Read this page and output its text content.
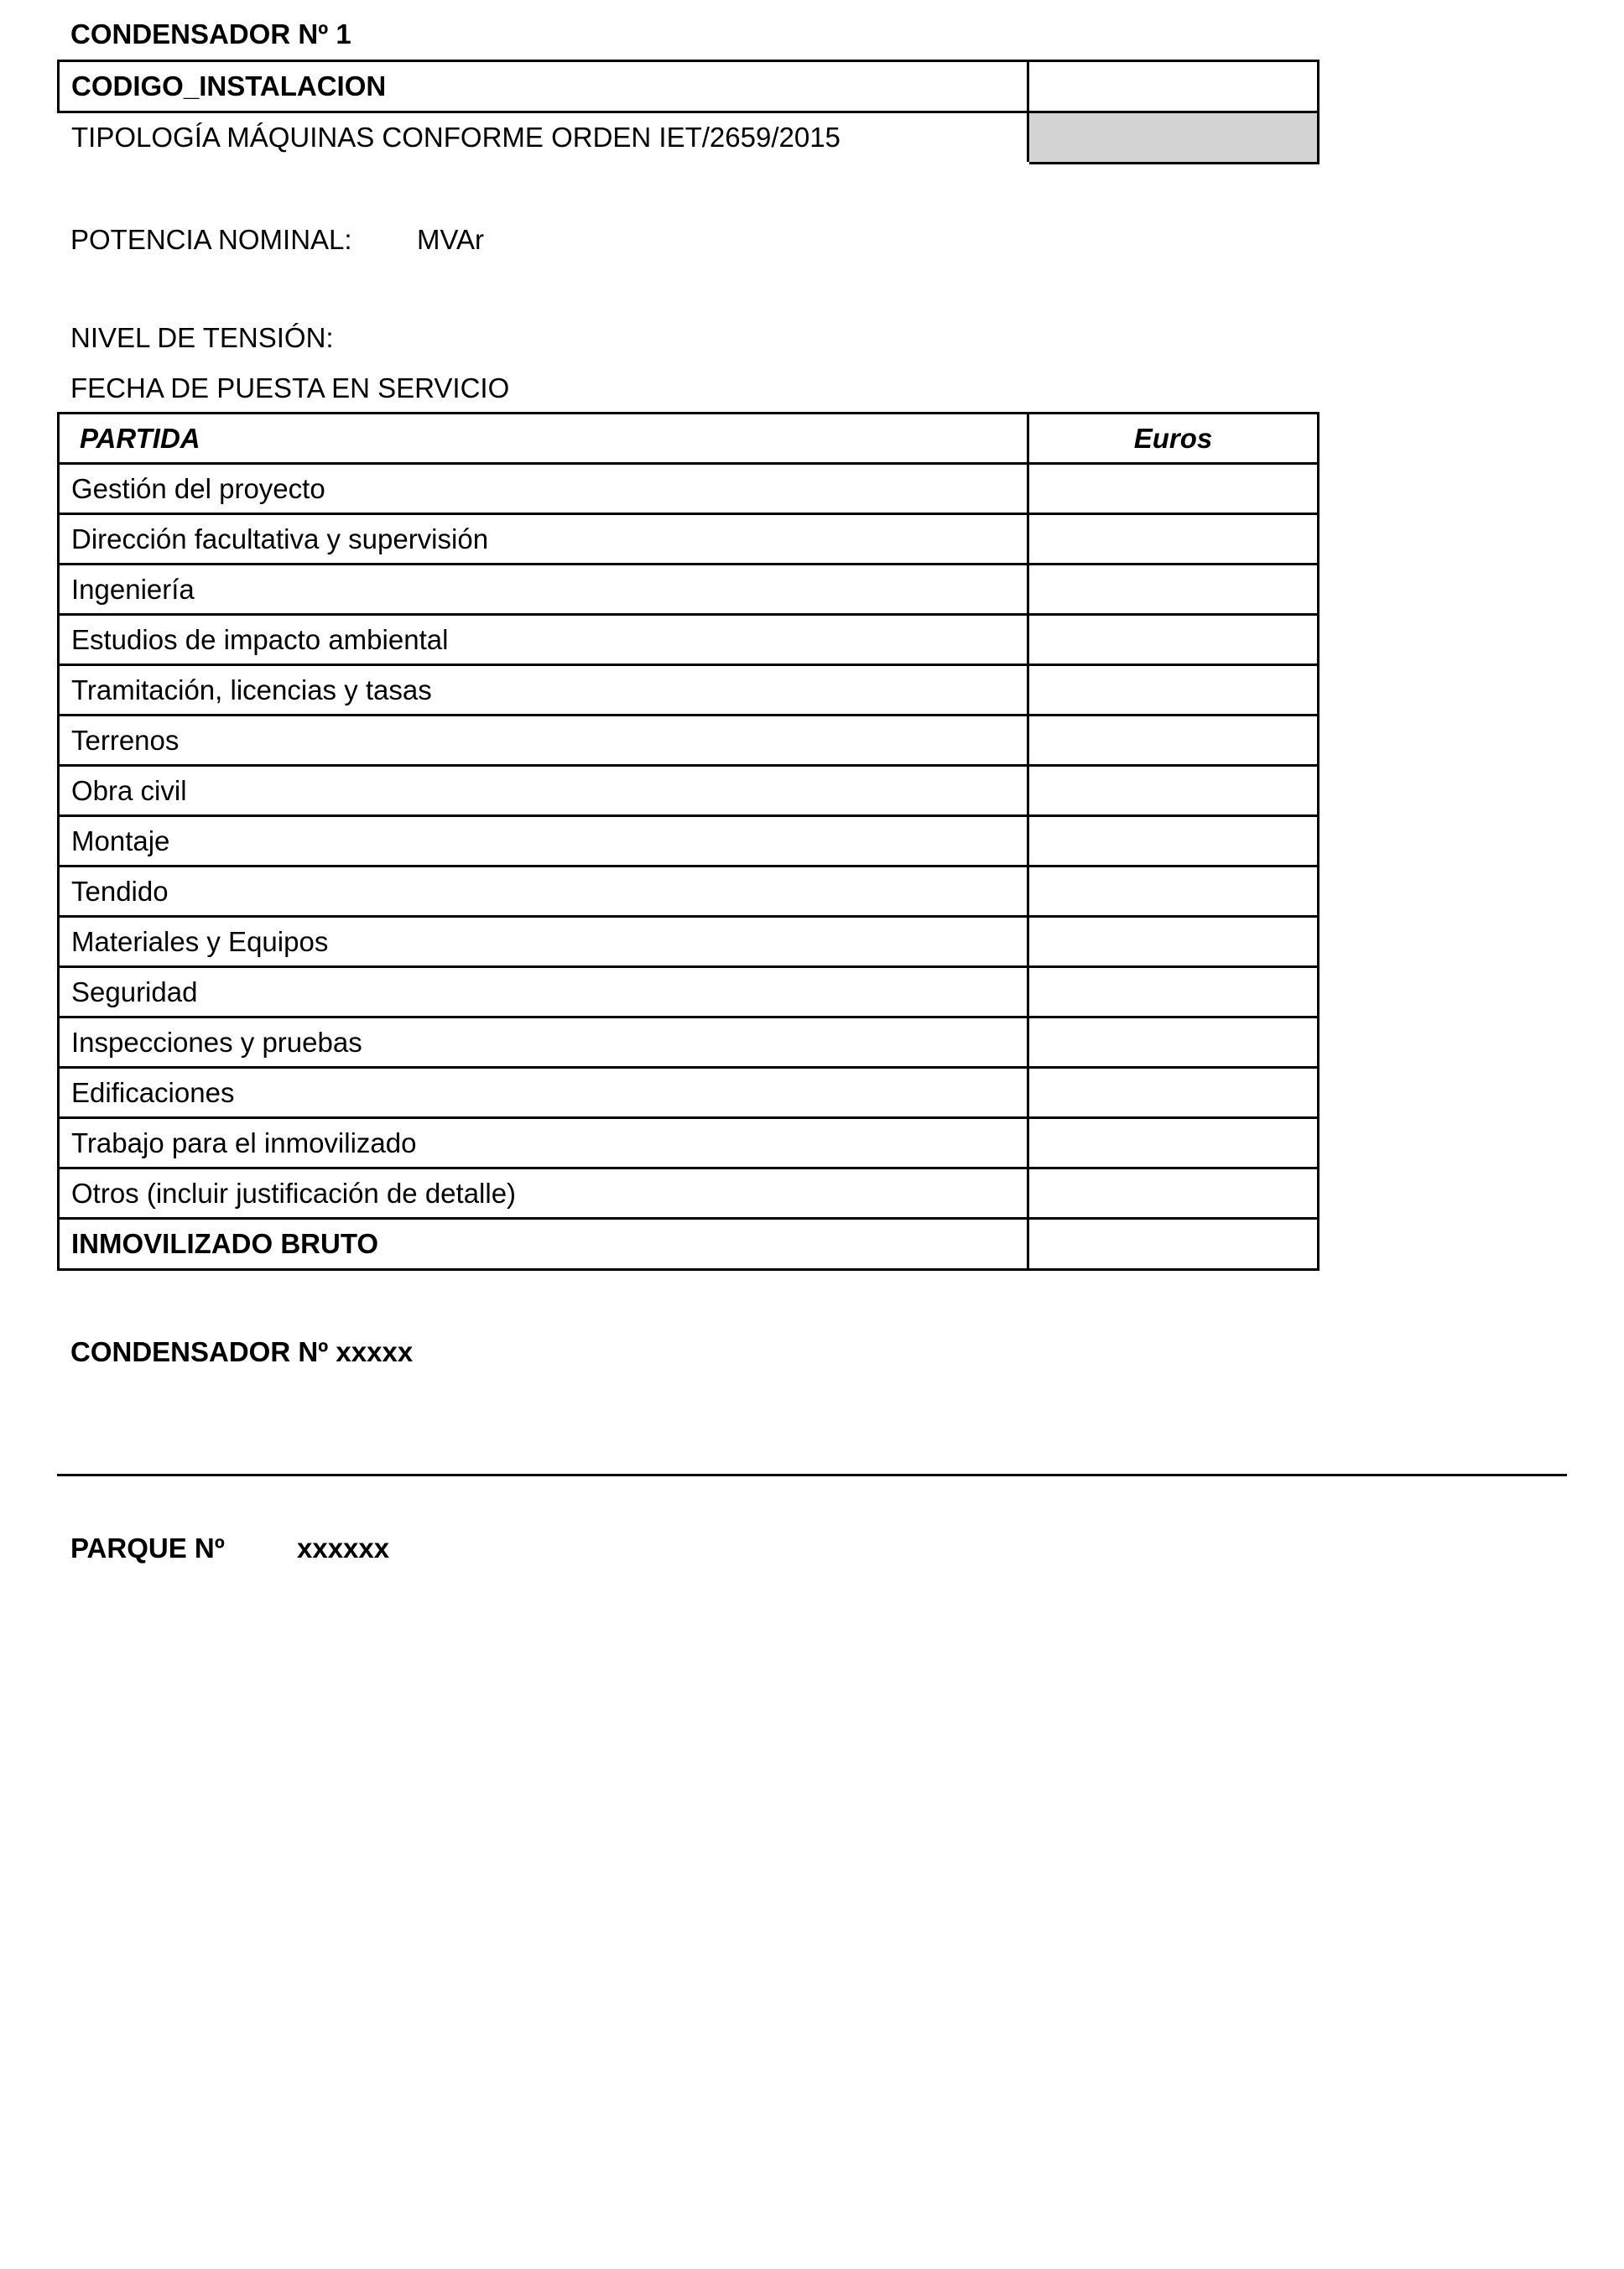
CONDENSADOR Nº 1
CODIGO_INSTALACION	
TIPOLOGÍA MÁQUINAS CONFORME ORDEN IET/2659/2015	
POTENCIA NOMINAL: MVAr
NIVEL DE TENSIÓN:
FECHA DE PUESTA EN SERVICIO
PARTIDA	Euros
Gestión del proyecto	
Dirección facultativa y supervisión	
Ingeniería	
Estudios de impacto ambiental	
Tramitación, licencias y tasas	
Terrenos	
Obra civil	
Montaje	
Tendido	
Materiales y Equipos	
Seguridad	
Inspecciones y pruebas	
Edificaciones	
Trabajo para el inmovilizado	
Otros (incluir justificación de detalle)	
INMOVILIZADO BRUTO	
CONDENSADOR Nº xxxxx
PARQUE Nº	xxxxxx
